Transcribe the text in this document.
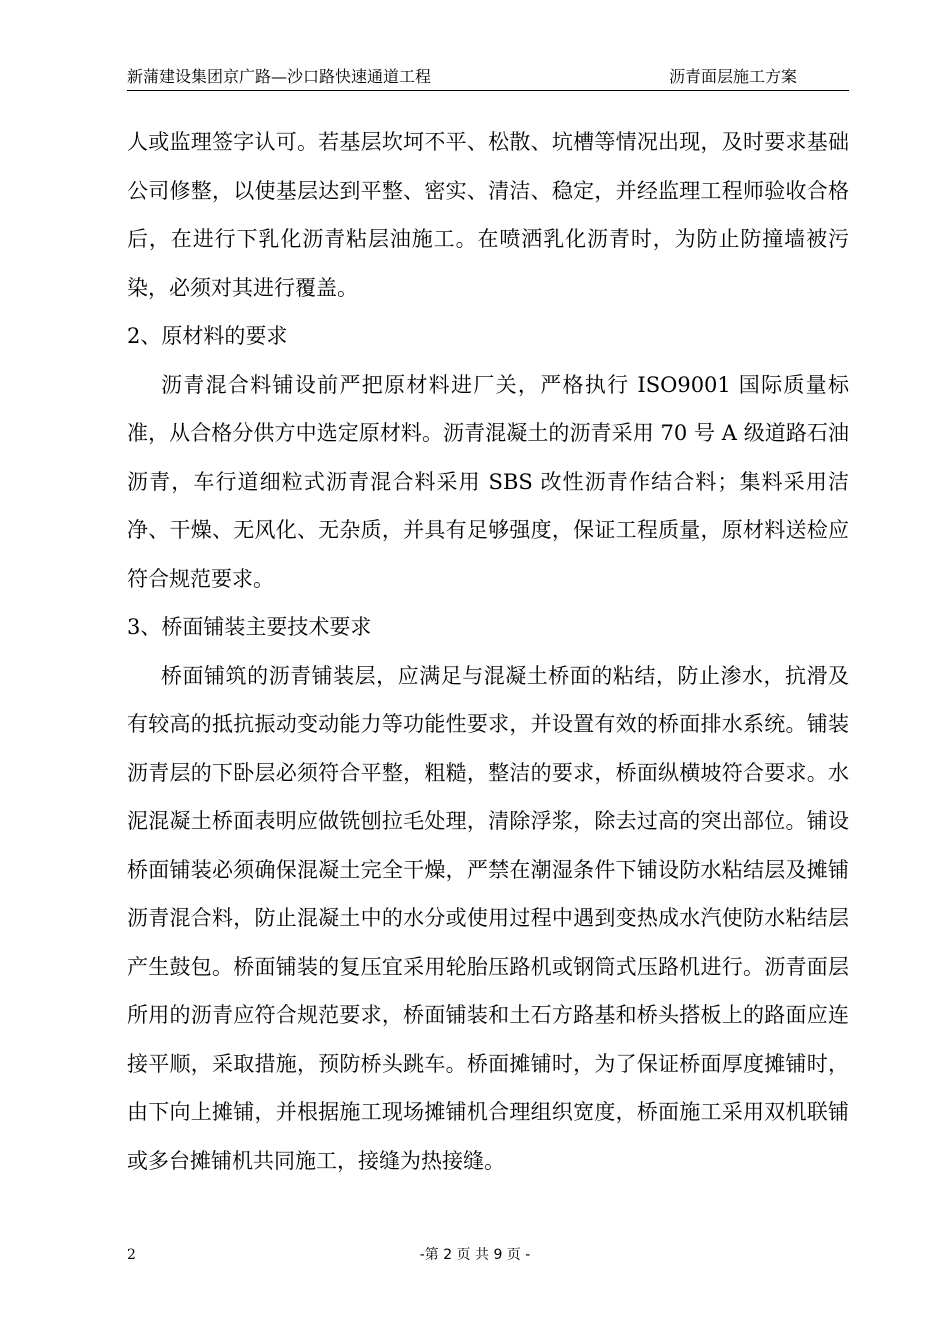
新蒲建设集团京广路—沙口路快速通道工程	沥青面层施工方案

人或监理签字认可。若基层坎坷不平、松散、坑槽等情况出现，及时要求基础公司修整，以使基层达到平整、密实、清洁、稳定，并经监理工程师验收合格后，在进行下乳化沥青粘层油施工。在喷洒乳化沥青时，为防止防撞墙被污染，必须对其进行覆盖。

2、原材料的要求

沥青混合料铺设前严把原材料进厂关，严格执行 ISO9001 国际质量标准，从合格分供方中选定原材料。沥青混凝土的沥青采用 70 号 A 级道路石油沥青，车行道细粒式沥青混合料采用 SBS 改性沥青作结合料；集料采用洁净、干燥、无风化、无杂质，并具有足够强度，保证工程质量，原材料送检应符合规范要求。

3、桥面铺装主要技术要求

桥面铺筑的沥青铺装层，应满足与混凝土桥面的粘结，防止渗水，抗滑及有较高的抵抗振动变动能力等功能性要求，并设置有效的桥面排水系统。铺装沥青层的下卧层必须符合平整，粗糙，整洁的要求，桥面纵横坡符合要求。水泥混凝土桥面表明应做铣刨拉毛处理，清除浮浆，除去过高的突出部位。铺设桥面铺装必须确保混凝土完全干燥，严禁在潮湿条件下铺设防水粘结层及摊铺沥青混合料，防止混凝土中的水分或使用过程中遇到变热成水汽使防水粘结层产生鼓包。桥面铺装的复压宜采用轮胎压路机或钢筒式压路机进行。沥青面层所用的沥青应符合规范要求，桥面铺装和土石方路基和桥头搭板上的路面应连接平顺，采取措施，预防桥头跳车。桥面摊铺时，为了保证桥面厚度摊铺时，由下向上摊铺，并根据施工现场摊铺机合理组织宽度，桥面施工采用双机联铺或多台摊铺机共同施工，接缝为热接缝。

2	-第 2 页 共 9 页 -
